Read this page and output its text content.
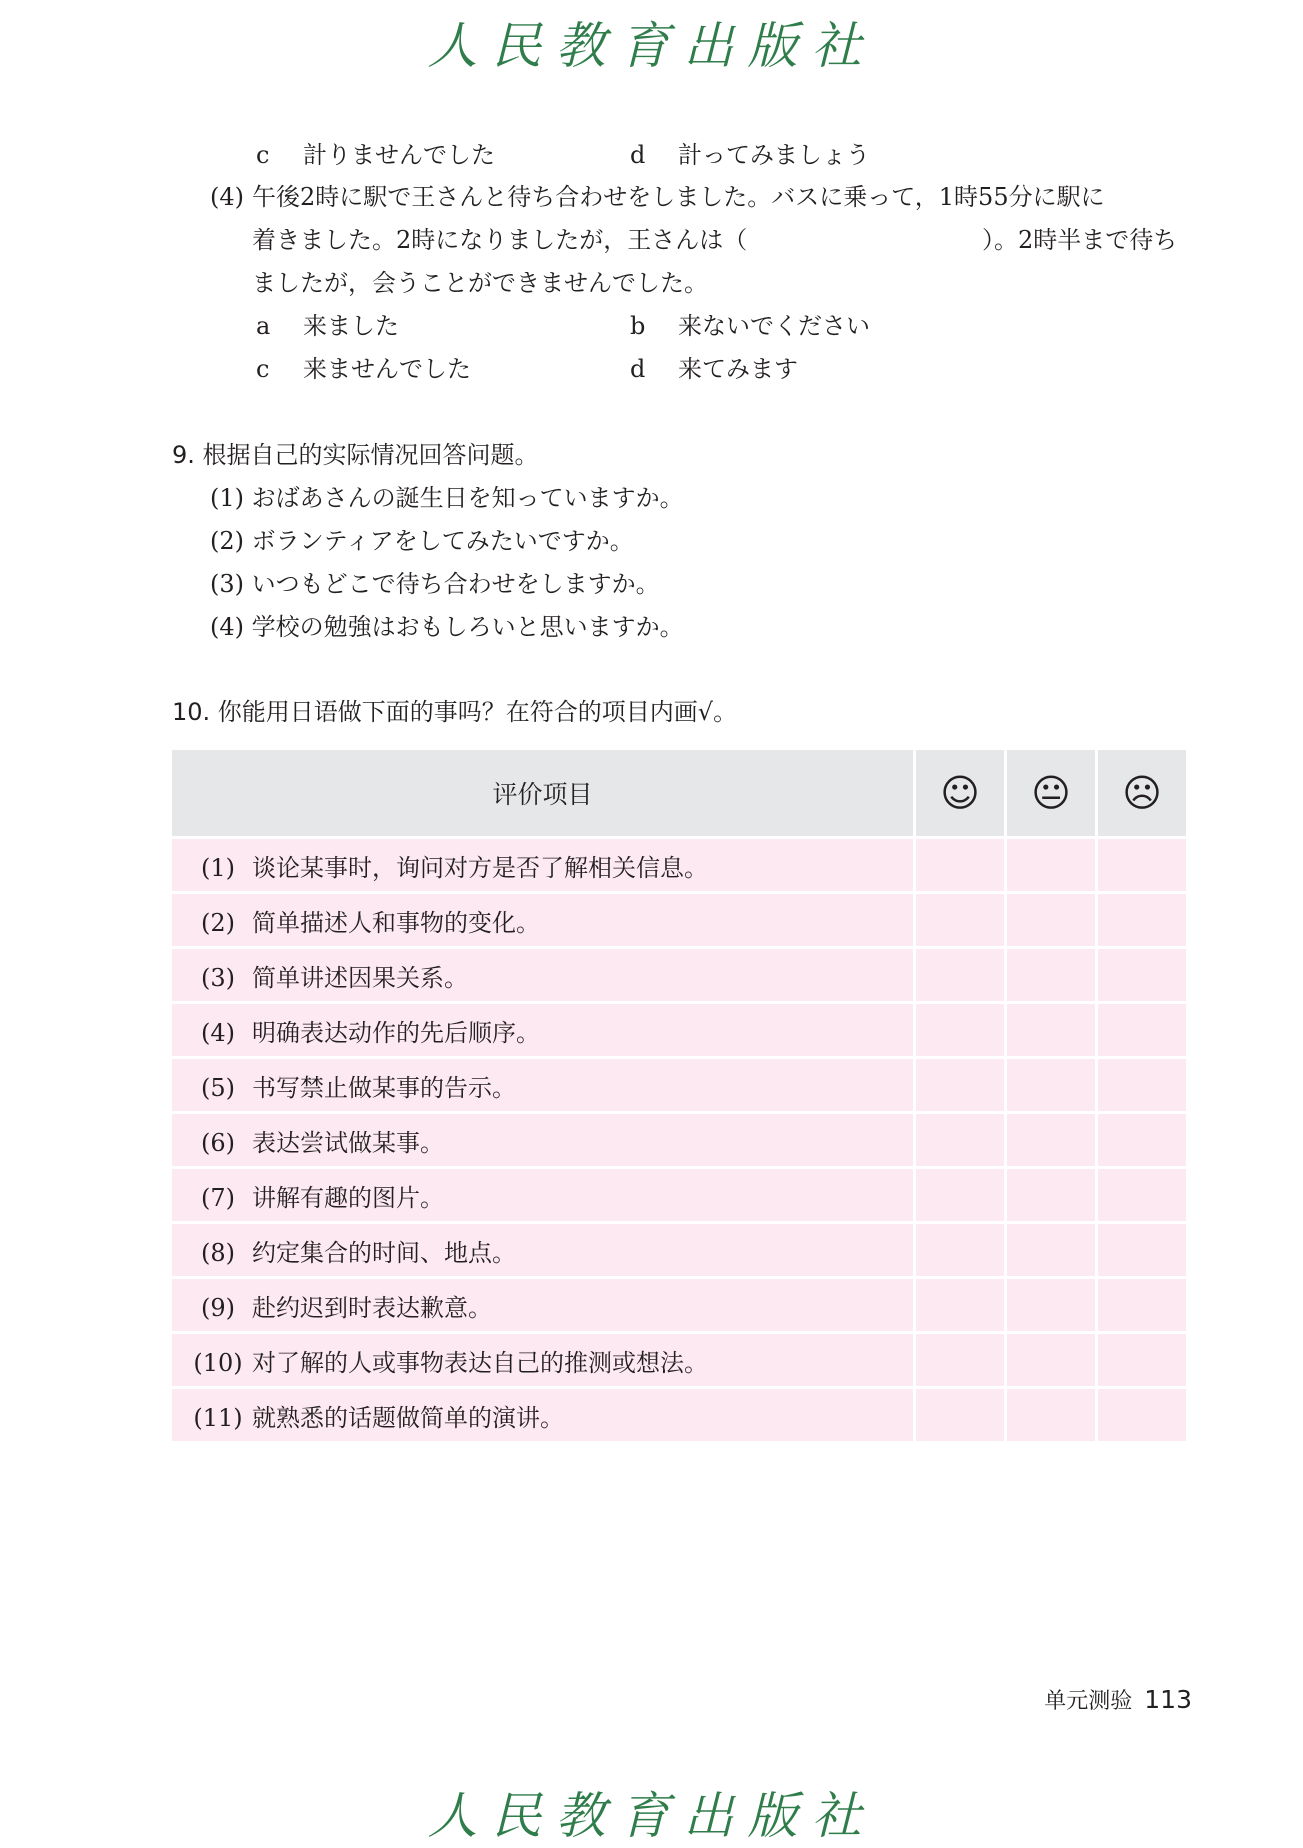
人民教育出版社
c 計りませんでした	d 計ってみましょう
(4) 午後2時に駅で王さんと待ち合わせをしました。バスに乗って，1時55分に駅に
着きました。2時になりましたが，王さんは（	）。2時半まで待ち
ましたが，会うことができませんでした。
a 来ました	b 来ないでください
c 来ませんでした	d 来てみます
9. 根据自己的实际情况回答问题。
(1) おばあさんの誕生日を知っていますか。
(2) ボランティアをしてみたいですか。
(3) いつもどこで待ち合わせをしますか。
(4) 学校の勉強はおもしろいと思いますか。
10. 你能用日语做下面的事吗？在符合的项目内画√。
评价项目	☺	😐	☹
(1) 谈论某事时，询问对方是否了解相关信息。			
(2) 简单描述人和事物的变化。			
(3) 简单讲述因果关系。			
(4) 明确表达动作的先后顺序。			
(5) 书写禁止做某事的告示。			
(6) 表达尝试做某事。			
(7) 讲解有趣的图片。			
(8) 约定集合的时间、地点。			
(9) 赴约迟到时表达歉意。			
(10) 对了解的人或事物表达自己的推测或想法。			
(11) 就熟悉的话题做简单的演讲。			
单元测验 113
人民教育出版社
